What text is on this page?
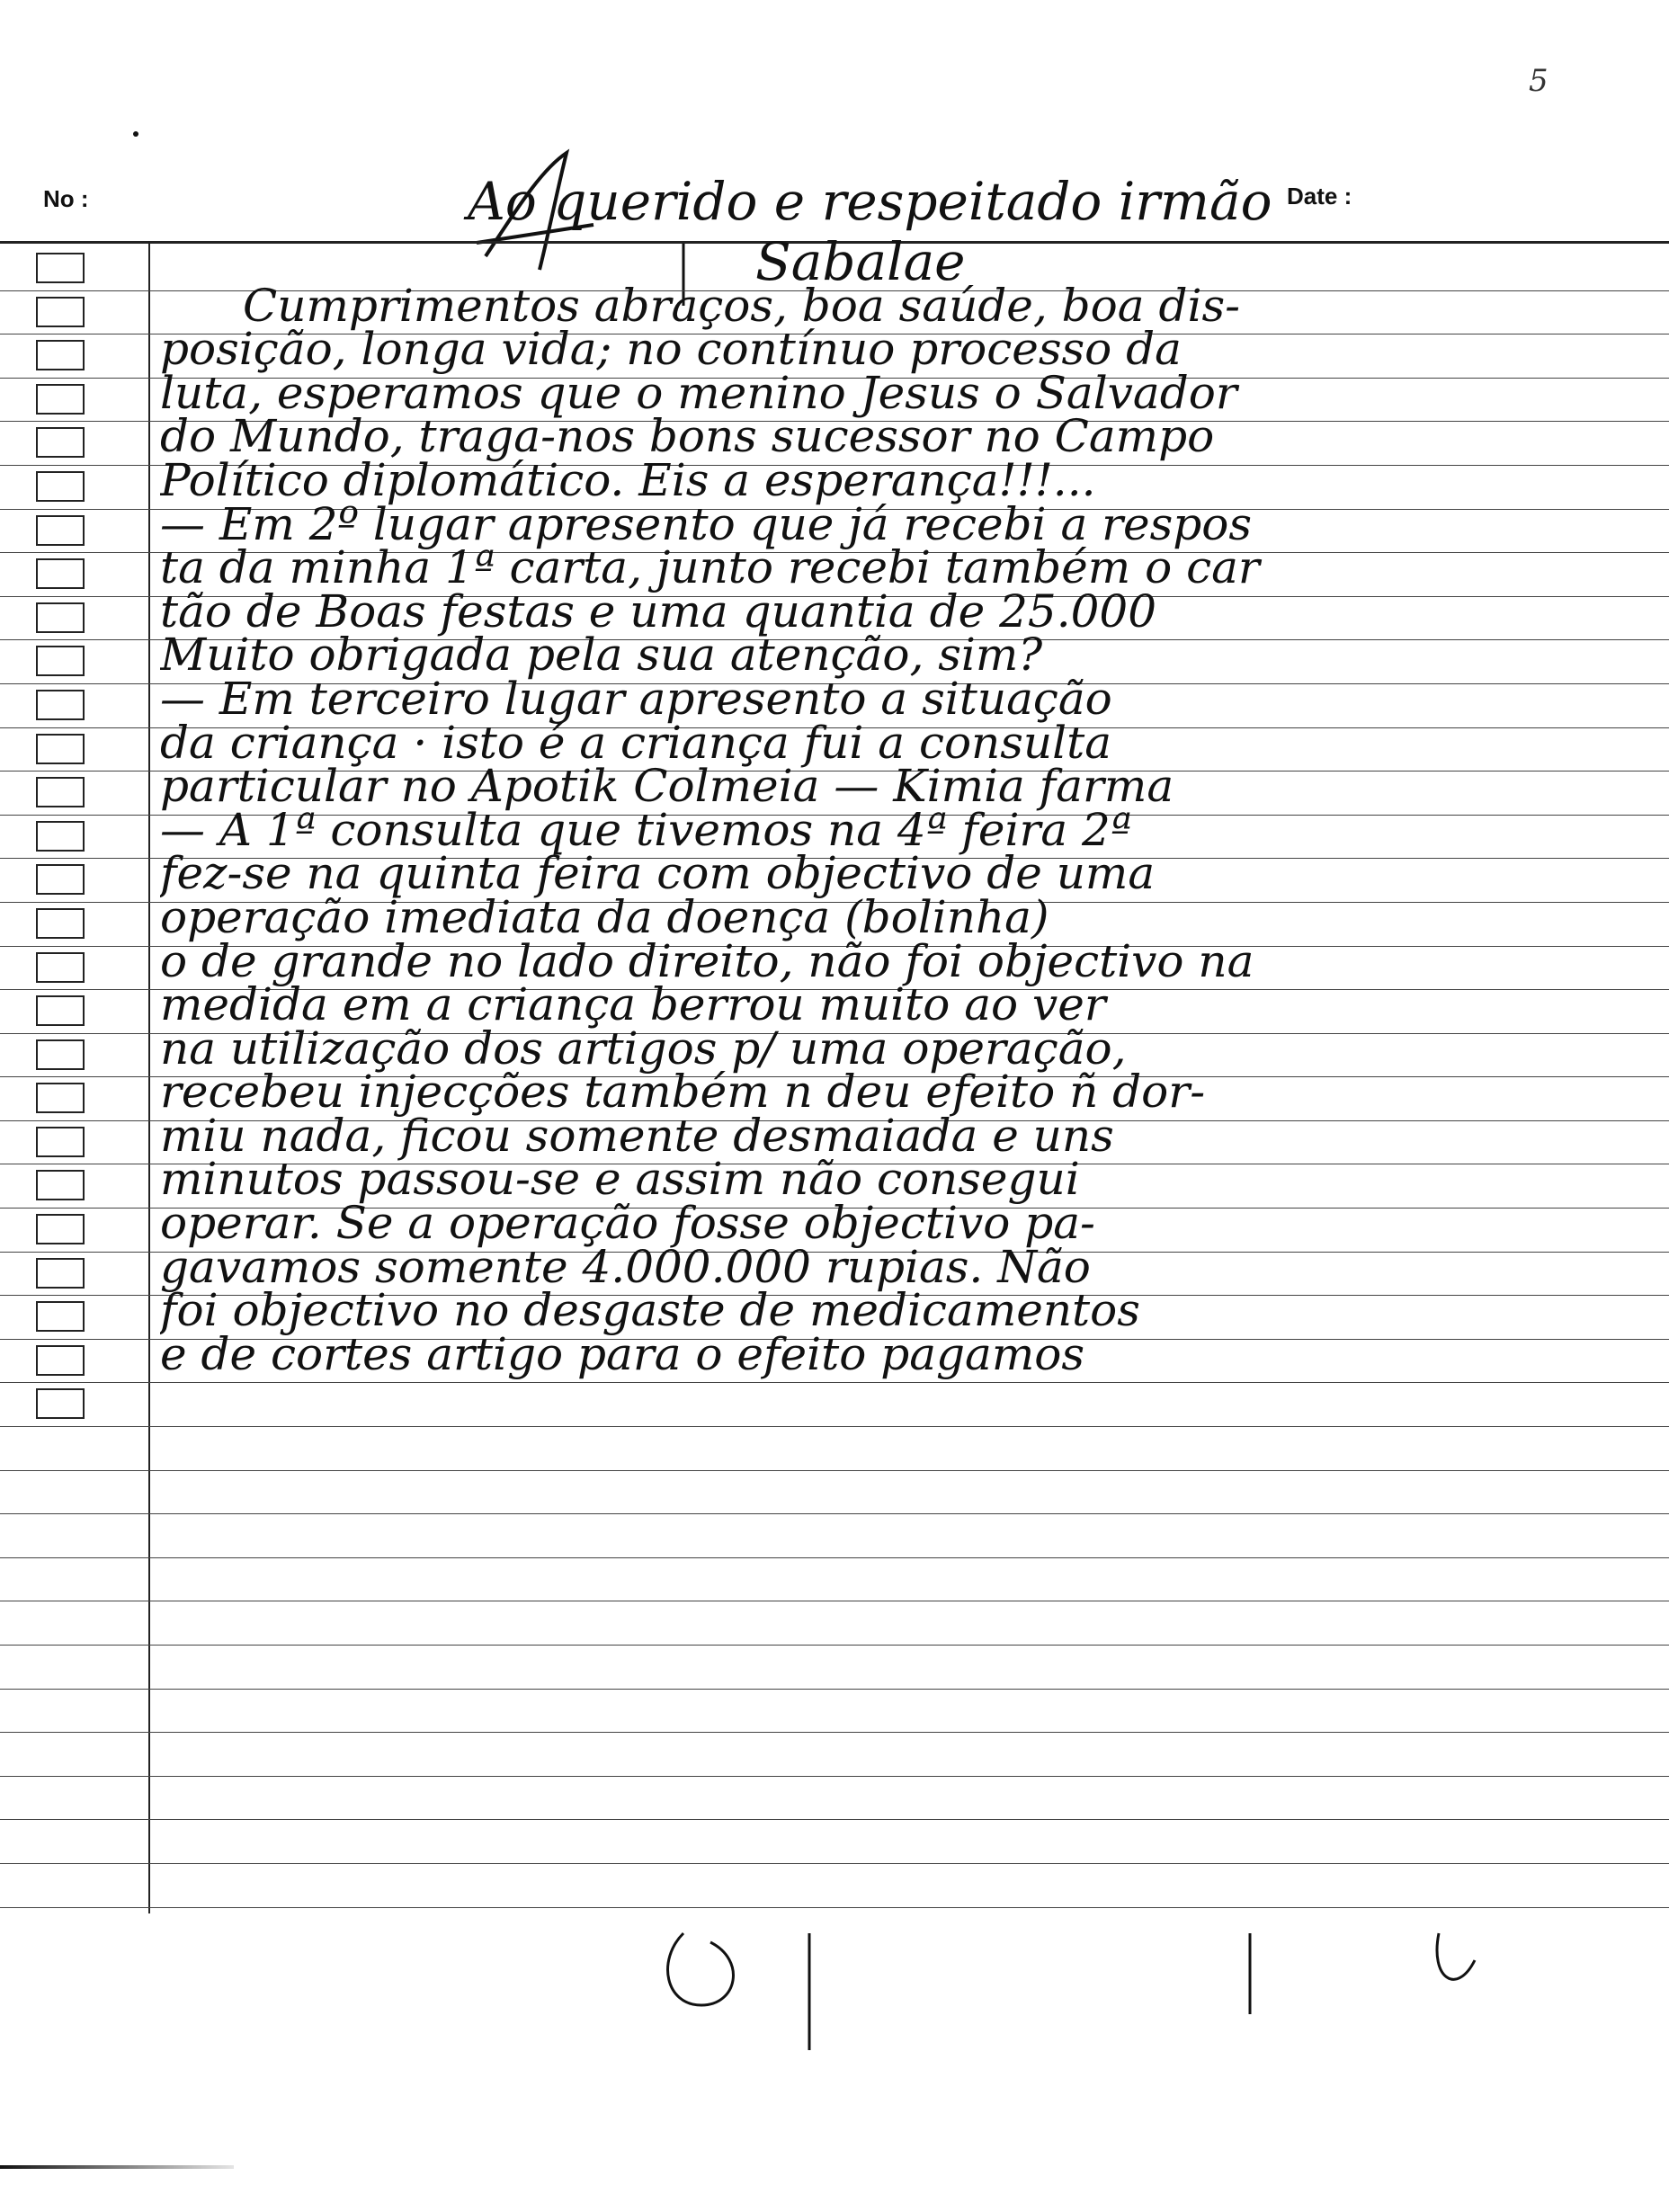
5
No :	Date :
Ao querido e respeitado irmão
Sabalae
Cumprimentos abraços, boa saúde, boa dis-
posição, longa vida; no contínuo processo da
luta, esperamos que o menino Jesus o Salvador
do Mundo, traga-nos bons sucessor no Campo
Político diplomático. Eis a esperança!!!...
— Em 2º lugar apresento que já recebi a respos
ta da minha 1ª carta, junto recebi também o car
tão de Boas festas e uma quantia de 25.000
Muito obrigada pela sua atenção, sim?
— Em terceiro lugar apresento a situação
da criança · isto é a criança fui a consulta
particular no Apotik Colmeia — Kimia farma
— A 1ª consulta que tivemos na 4ª feira 2ª
fez-se na quinta feira com objectivo de uma
operação imediata da doença (bolinha)
o de grande no lado direito, não foi objectivo na
medida em a criança berrou muito ao ver
na utilização dos artigos p/ uma operação,
recebeu injecções também n deu efeito ñ dor-
miu nada, ficou somente desmaiada e uns
minutos passou-se e assim não consegui
operar. Se a operação fosse objectivo pa-
gavamos somente 4.000.000 rupias. Não
foi objectivo no desgaste de medicamentos
e de cortes artigo para o efeito pagamos
